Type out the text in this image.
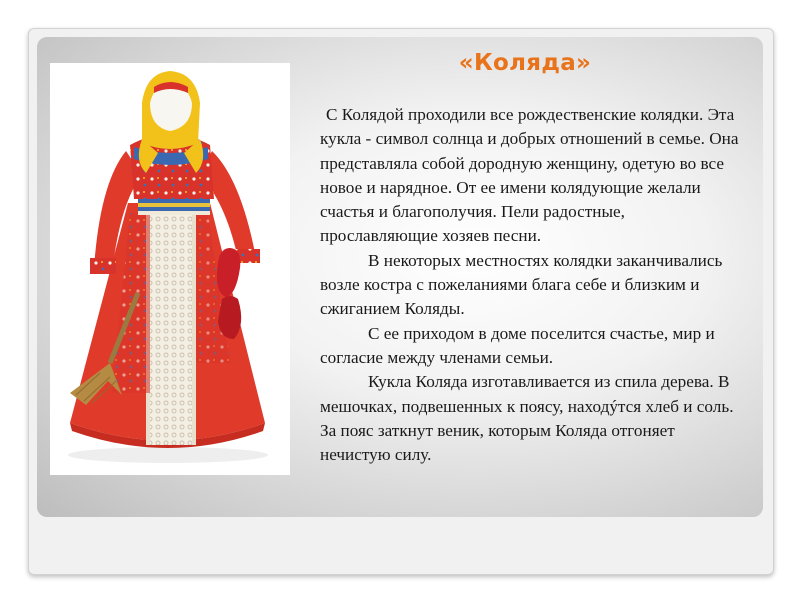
«Коляда»

С Колядой проходили все рождественские колядки. Эта кукла - символ солнца и добрых отношений в семье. Она представляла собой дородную женщину, одетую во все новое и нарядное. От ее имени колядующие желали счастья и благополучия. Пели радостные, прославляющие хозяев песни.

В некоторых местностях колядки заканчивались возле костра с пожеланиями блага себе и близким и сжиганием Коляды.

С ее приходом в доме поселится счастье, мир и согласие между членами семьи.

Кукла Коляда изготавливается из спила дерева. В мешочках, подвешенных к поясу, находýтся хлеб и соль. За пояс заткнут веник, которым Коляда отгоняет нечистую силу.
